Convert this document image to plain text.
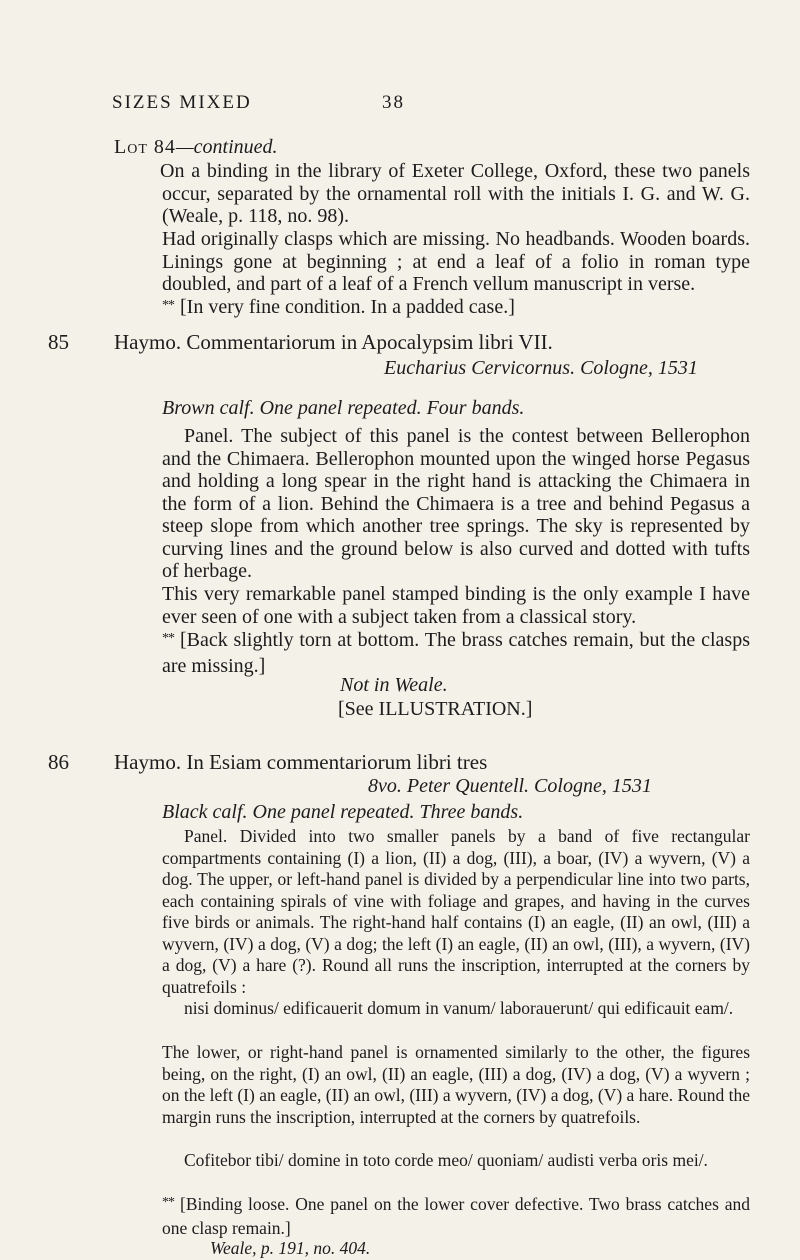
SIZES MIXED	38
Lot 84—continued.
On a binding in the library of Exeter College, Oxford, these two panels occur, separated by the ornamental roll with the initials I. G. and W. G. (Weale, p. 118, no. 98).
Had originally clasps which are missing. No headbands. Wooden boards. Linings gone at beginning ; at end a leaf of a folio in roman type doubled, and part of a leaf of a French vellum manuscript in verse.
** [In very fine condition. In a padded case.]
85 Haymo. Commentariorum in Apocalypsim libri VII.
Eucharius Cervicornus. Cologne, 1531
Brown calf. One panel repeated. Four bands.
Panel. The subject of this panel is the contest between Bellerophon and the Chimaera. Bellerophon mounted upon the winged horse Pegasus and holding a long spear in the right hand is attacking the Chimaera in the form of a lion. Behind the Chimaera is a tree and behind Pegasus a steep slope from which another tree springs. The sky is represented by curving lines and the ground below is also curved and dotted with tufts of herbage.
This very remarkable panel stamped binding is the only example I have ever seen of one with a subject taken from a classical story.
** [Back slightly torn at bottom. The brass catches remain, but the clasps are missing.]
Not in Weale.
[See ILLUSTRATION.]
86 Haymo. In Esiam commentariorum libri tres
8vo. Peter Quentell. Cologne, 1531
Black calf. One panel repeated. Three bands.
Panel. Divided into two smaller panels by a band of five rectangular compartments containing (I) a lion, (II) a dog, (III), a boar, (IV) a wyvern, (V) a dog. The upper, or left-hand panel is divided by a perpendicular line into two parts, each containing spirals of vine with foliage and grapes, and having in the curves five birds or animals. The right-hand half contains (I) an eagle, (II) an owl, (III) a wyvern, (IV) a dog, (V) a dog; the left (I) an eagle, (II) an owl, (III), a wyvern, (IV) a dog, (V) a hare (?). Round all runs the inscription, interrupted at the corners by quatrefoils :
nisi dominus/ edificauerit domum in vanum/ laborauerunt/ qui edificauit eam/.
The lower, or right-hand panel is ornamented similarly to the other, the figures being, on the right, (I) an owl, (II) an eagle, (III) a dog, (IV) a dog, (V) a wyvern ; on the left (I) an eagle, (II) an owl, (III) a wyvern, (IV) a dog, (V) a hare. Round the margin runs the inscription, interrupted at the corners by quatrefoils.
Cofitebor tibi/ domine in toto corde meo/ quoniam/ audisti verba oris mei/.
** [Binding loose. One panel on the lower cover defective. Two brass catches and one clasp remain.]
Weale, p. 191, no. 404.
